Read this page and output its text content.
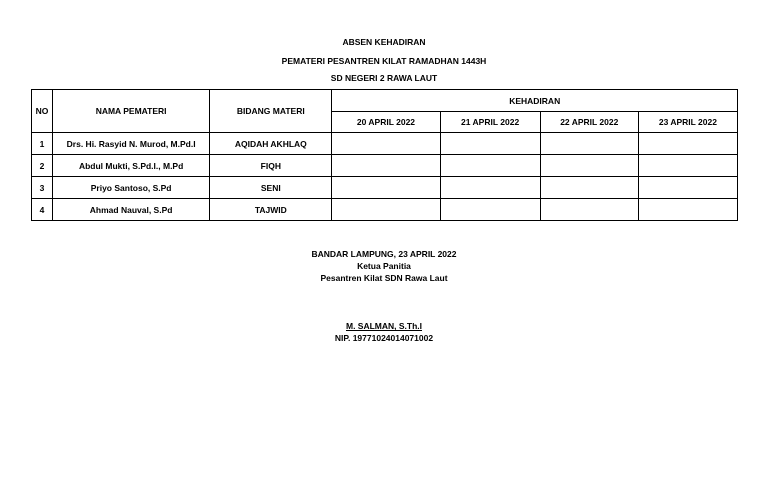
ABSEN KEHADIRAN
PEMATERI PESANTREN KILAT RAMADHAN 1443H
SD NEGERI 2 RAWA LAUT
NO	NAMA PEMATERI	BIDANG MATERI	KEHADIRAN			
			20 APRIL 2022	21 APRIL 2022	22 APRIL 2022	23 APRIL 2022
1	Drs. Hi. Rasyid N. Murod, M.Pd.I	AQIDAH AKHLAQ				
2	Abdul Mukti, S.Pd.I., M.Pd	FIQH				
3	Priyo Santoso, S.Pd	SENI				
4	Ahmad Nauval, S.Pd	TAJWID				
BANDAR LAMPUNG, 23 APRIL 2022
Ketua Panitia
Pesantren Kilat SDN Rawa Laut
M. SALMAN, S.Th.I
NIP. 19771024014071002
